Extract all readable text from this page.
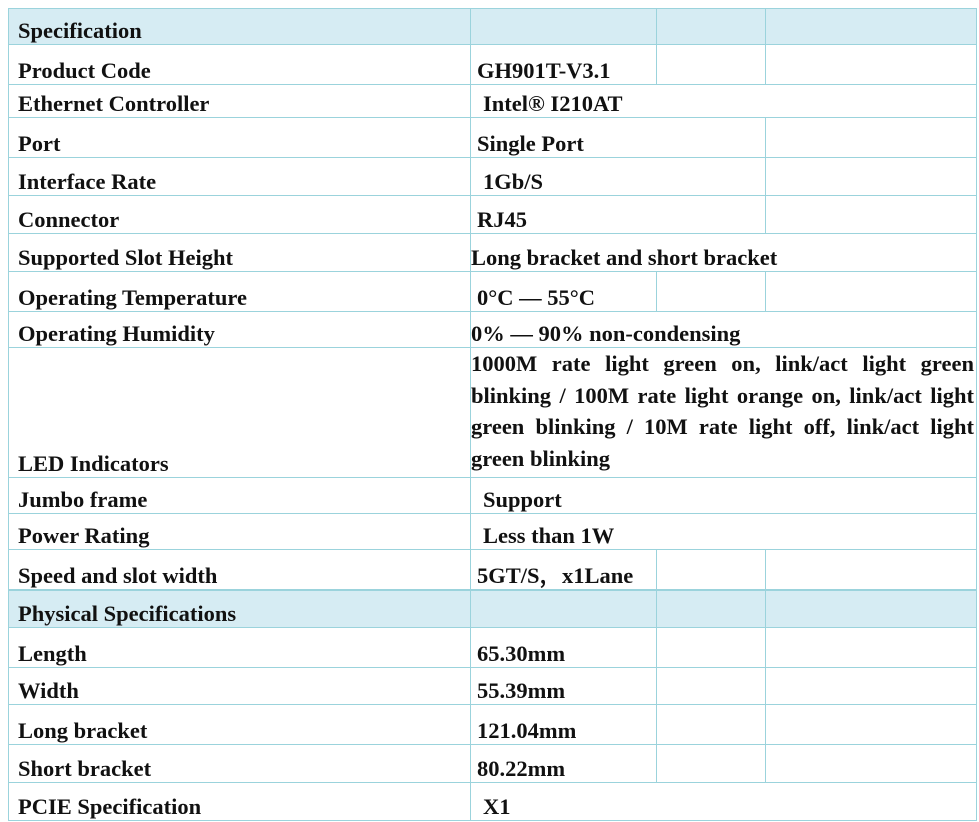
Specification			
Product Code	GH901T-V3.1		
Ethernet Controller	Intel® I210AT		
Port	Single Port		
Interface Rate	1Gb/S		
Connector	RJ45		
Supported Slot Height	Long bracket and short bracket		
Operating Temperature	0°C — 55°C		
Operating Humidity	0% — 90% non-condensing		
LED Indicators	1000M rate light green on, link/act light green blinking / 100M rate light orange on, link/act light green blinking / 10M rate light off, link/act light green blinking		
Jumbo frame	Support		
Power Rating	Less than 1W		
Speed and slot width	5GT/S，x1Lane		
Physical Specifications			
Length	65.30mm		
Width	55.39mm		
Long bracket	121.04mm		
Short bracket	80.22mm		
PCIE Specification	X1		
